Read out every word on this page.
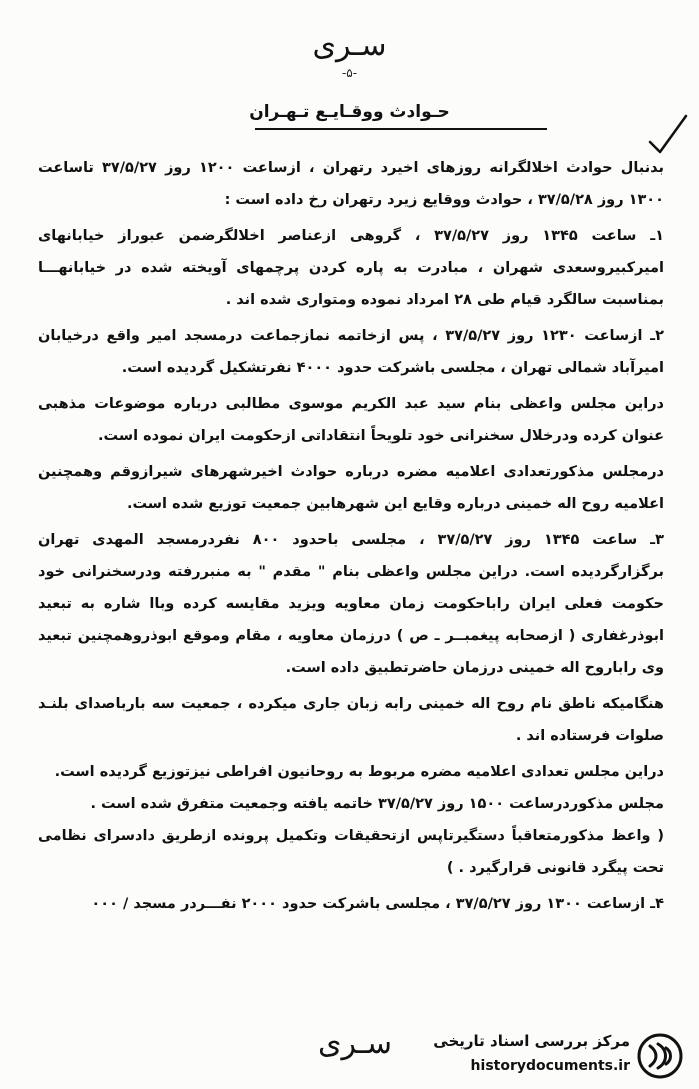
سـری
-۵-
حـوادث ووقـايـع تـهـران

بدنبال حوادث اخلالگرانه روزهای اخیرد رتهران ، ازساعت ۱۲۰۰ روز ۳۷/۵/۲۷ تاساعت ۱۳۰۰ روز ۳۷/۵/۲۸ ، حوادث ووقایع زیرد رتهران رخ داده است :

۱ـ ساعت ۱۳۴۵ روز ۳۷/۵/۲۷ ، گروهی ازعناصر اخلالگرضمن عبوراز خیابانهای امیرکبیروسعدی شهران ، مبادرت به پاره کردن پرچمهای آویخته شده در خیابانهـــا بمناسبت سالگرد قیام طی ۲۸ امرداد نموده ومتواری شده اند .

۲ـ ازساعت ۱۲۳۰ روز ۳۷/۵/۲۷ ، پس ازخاتمه نمازجماعت درمسجد امیر واقع درخیابان امیرآباد شمالی تهران ، مجلسی باشرکت حدود ۴۰۰۰ نفرتشکیل گردیده است.

دراین مجلس واعظی بنام سید عبد الکریم موسوی مطالبی درباره موضوعات مذهبی عنوان کرده ودرخلال سخنرانی خود تلویحاً انتقاداتی ازحکومت ایران نموده است.

درمجلس مذکورتعدادی اعلامیه مضره درباره حوادث اخیرشهرهای شیرازوقم وهمچنین اعلامیه روح اله خمینی درباره وقایع این شهرهابین جمعیت توزیع شده است.

۳ـ ساعت ۱۳۴۵ روز ۳۷/۵/۲۷ ، مجلسی باحدود ۸۰۰ نفردرمسجد المهدی تهران برگزارگردیده است. دراین مجلس واعظی بنام " مقدم " به منبررفته ودرسخنرانی خود حکومت فعلی ایران راباحکومت زمان معاویه ویزید مقایسه کرده وباا شاره به تبعید ابوذرغفاری ( ازصحابه پیغمبــر ـ ص ) درزمان معاویه ، مقام وموقع ابوذروهمچنین تبعید وی راباروح اله خمینی درزمان حاضرتطبیق داده است.

هنگامیکه ناطق نام روح اله خمینی رابه زبان جاری میکرده ، جمعیت سه بارباصدای بلنـد صلوات فرستاده اند .

دراین مجلس تعدادی اعلامیه مضره مربوط به روحانیون افراطی نیزتوزیع گردیده است.

مجلس مذکوردرساعت ۱۵۰۰ روز ۳۷/۵/۲۷ خاتمه یافته وجمعیت متفرق شده است .

( واعظ مذکورمتعاقباً دستگیرتاپس ازتحقیقات وتکمیل پرونده ازطریق دادسرای نظامی تحت پیگرد قانونی قرارگیرد . )

۴ـ ازساعت ۱۳۰۰ روز ۳۷/۵/۲۷ ، مجلسی باشرکت حدود ۲۰۰۰ نفـــردر مسجد / ۰۰۰

سـری	مرکز بررسی اسناد تاریخی
historydocuments.ir
